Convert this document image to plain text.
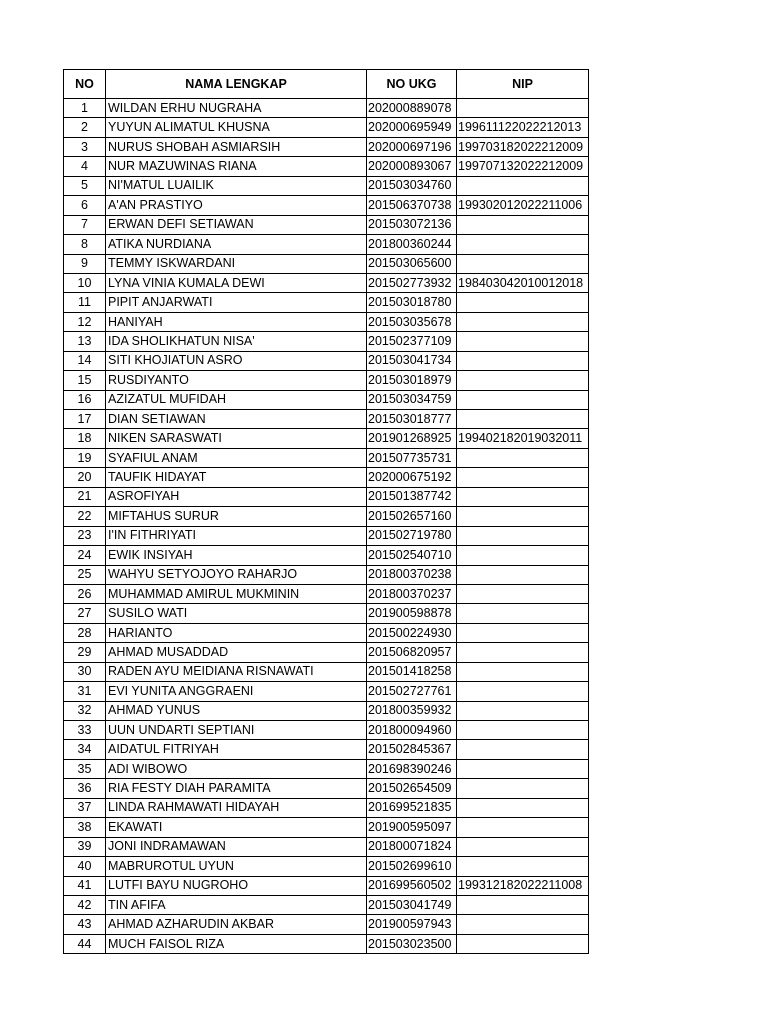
NO	NAMA LENGKAP	NO UKG	NIP
1	WILDAN ERHU NUGRAHA	202000889078	
2	YUYUN ALIMATUL KHUSNA	202000695949	199611122022212013
3	NURUS SHOBAH ASMIARSIH	202000697196	199703182022212009
4	NUR MAZUWINAS RIANA	202000893067	199707132022212009
5	NI'MATUL LUAILIK	201503034760	
6	A'AN PRASTIYO	201506370738	199302012022211006
7	ERWAN DEFI SETIAWAN	201503072136	
8	ATIKA NURDIANA	201800360244	
9	TEMMY ISKWARDANI	201503065600	
10	LYNA VINIA KUMALA DEWI	201502773932	198403042010012018
11	PIPIT ANJARWATI	201503018780	
12	HANIYAH	201503035678	
13	IDA SHOLIKHATUN NISA'	201502377109	
14	SITI KHOJIATUN ASRO	201503041734	
15	RUSDIYANTO	201503018979	
16	AZIZATUL MUFIDAH	201503034759	
17	DIAN SETIAWAN	201503018777	
18	NIKEN SARASWATI	201901268925	199402182019032011
19	SYAFIUL ANAM	201507735731	
20	TAUFIK HIDAYAT	202000675192	
21	ASROFIYAH	201501387742	
22	MIFTAHUS SURUR	201502657160	
23	I'IN FITHRIYATI	201502719780	
24	EWIK INSIYAH	201502540710	
25	WAHYU SETYOJOYO RAHARJO	201800370238	
26	MUHAMMAD AMIRUL MUKMININ	201800370237	
27	SUSILO WATI	201900598878	
28	HARIANTO	201500224930	
29	AHMAD MUSADDAD	201506820957	
30	RADEN AYU MEIDIANA RISNAWATI	201501418258	
31	EVI YUNITA ANGGRAENI	201502727761	
32	AHMAD YUNUS	201800359932	
33	UUN UNDARTI SEPTIANI	201800094960	
34	AIDATUL FITRIYAH	201502845367	
35	ADI WIBOWO	201698390246	
36	RIA FESTY DIAH PARAMITA	201502654509	
37	LINDA RAHMAWATI HIDAYAH	201699521835	
38	EKAWATI	201900595097	
39	JONI INDRAMAWAN	201800071824	
40	MABRUROTUL UYUN	201502699610	
41	LUTFI BAYU NUGROHO	201699560502	199312182022211008
42	TIN AFIFA	201503041749	
43	AHMAD AZHARUDIN AKBAR	201900597943	
44	MUCH FAISOL RIZA	201503023500	
